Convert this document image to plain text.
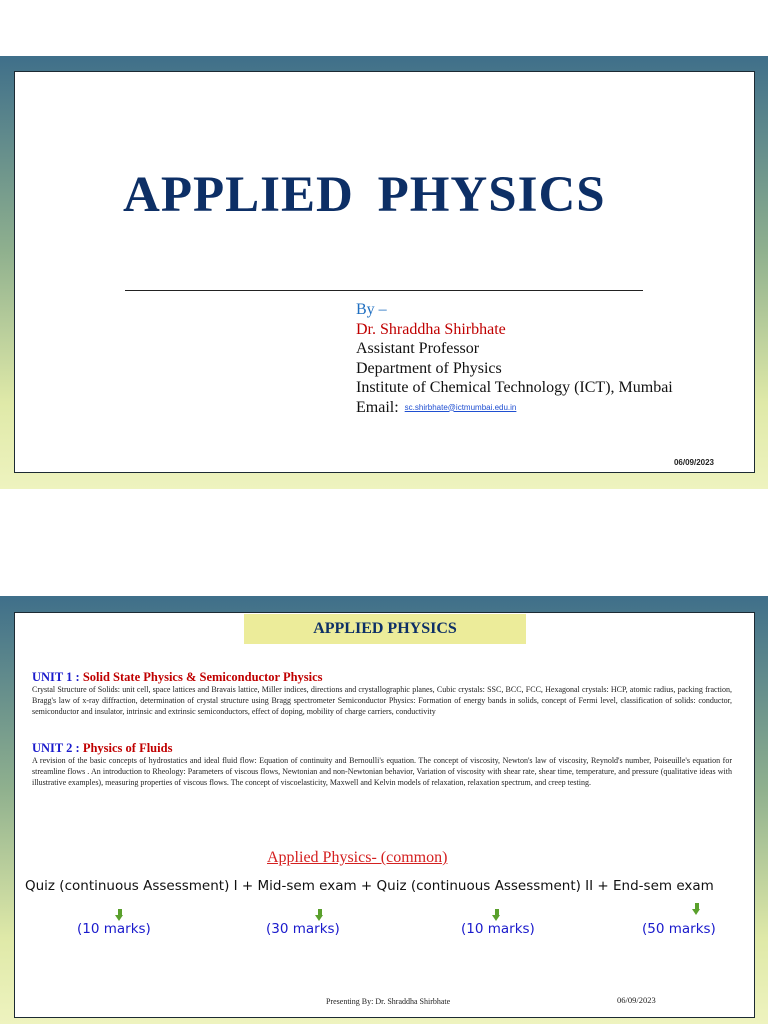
APPLIED PHYSICS
By –
Dr. Shraddha Shirbhate
Assistant Professor
Department of Physics
Institute of Chemical Technology (ICT), Mumbai
Email: sc.shirbhate@ictmumbai.edu.in
06/09/2023
APPLIED PHYSICS
UNIT 1 : Solid State Physics & Semiconductor Physics
Crystal Structure of Solids: unit cell, space lattices and Bravais lattice, Miller indices, directions and crystallographic planes, Cubic crystals: SSC, BCC, FCC, Hexagonal crystals: HCP, atomic radius, packing fraction, Bragg's law of x-ray diffraction, determination of crystal structure using Bragg spectrometer Semiconductor Physics: Formation of energy bands in solids, concept of Fermi level, classification of solids: conductor, semiconductor and insulator, intrinsic and extrinsic semiconductors, effect of doping, mobility of charge carriers, conductivity
UNIT 2 : Physics of Fluids
A revision of the basic concepts of hydrostatics and ideal fluid flow: Equation of continuity and Bernoulli's equation. The concept of viscosity, Newton's law of viscosity, Reynold's number, Poiseuille's equation for streamline flows . An introduction to Rheology: Parameters of viscous flows, Newtonian and non-Newtonian behavior, Variation of viscosity with shear rate, shear time, temperature, and pressure (qualitative ideas with illustrative examples), measuring properties of viscous flows. The concept of viscoelasticity, Maxwell and Kelvin models of relaxation, relaxation spectrum, and creep testing.
Applied Physics- (common)
Quiz (continuous Assessment) I + Mid-sem exam + Quiz (continuous Assessment) II + End-sem exam
(10 marks)	(30 marks)	(10 marks)	(50 marks)
Presenting By: Dr. Shraddha Shirbhate	06/09/2023
